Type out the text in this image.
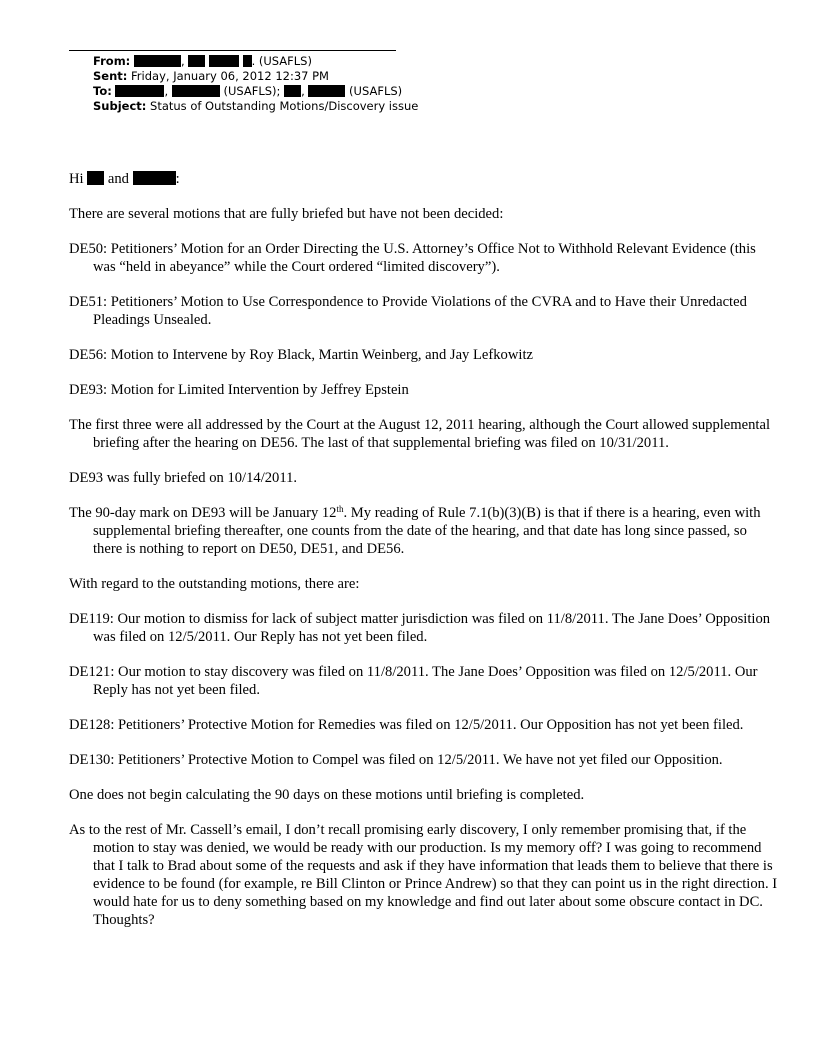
From:	,	. (USAFLS)
Sent: Friday, January 06, 2012 12:37 PM
To:	,	(USAFLS); ,	(USAFLS)
Subject: Status of Outstanding Motions/Discovery issue

Hi and	:

There are several motions that are fully briefed but have not been decided:

DE50: Petitioners’ Motion for an Order Directing the U.S. Attorney’s Office Not to Withhold Relevant Evidence (this was “held in abeyance” while the Court ordered “limited discovery”).

DE51: Petitioners’ Motion to Use Correspondence to Provide Violations of the CVRA and to Have their Unredacted Pleadings Unsealed.

DE56: Motion to Intervene by Roy Black, Martin Weinberg, and Jay Lefkowitz

DE93: Motion for Limited Intervention by Jeffrey Epstein

The first three were all addressed by the Court at the August 12, 2011 hearing, although the Court allowed supplemental briefing after the hearing on DE56. The last of that supplemental briefing was filed on 10/31/2011.

DE93 was fully briefed on 10/14/2011.

The 90-day mark on DE93 will be January 12th. My reading of Rule 7.1(b)(3)(B) is that if there is a hearing, even with supplemental briefing thereafter, one counts from the date of the hearing, and that date has long since passed, so there is nothing to report on DE50, DE51, and DE56.

With regard to the outstanding motions, there are:

DE119: Our motion to dismiss for lack of subject matter jurisdiction was filed on 11/8/2011. The Jane Does’ Opposition was filed on 12/5/2011. Our Reply has not yet been filed.

DE121: Our motion to stay discovery was filed on 11/8/2011. The Jane Does’ Opposition was filed on 12/5/2011. Our Reply has not yet been filed.

DE128: Petitioners’ Protective Motion for Remedies was filed on 12/5/2011. Our Opposition has not yet been filed.

DE130: Petitioners’ Protective Motion to Compel was filed on 12/5/2011. We have not yet filed our Opposition.

One does not begin calculating the 90 days on these motions until briefing is completed.

As to the rest of Mr. Cassell’s email, I don’t recall promising early discovery, I only remember promising that, if the motion to stay was denied, we would be ready with our production. Is my memory off? I was going to recommend that I talk to Brad about some of the requests and ask if they have information that leads them to believe that there is evidence to be found (for example, re Bill Clinton or Prince Andrew) so that they can point us in the right direction. I would hate for us to deny something based on my knowledge and find out later about some obscure contact in DC. Thoughts?
